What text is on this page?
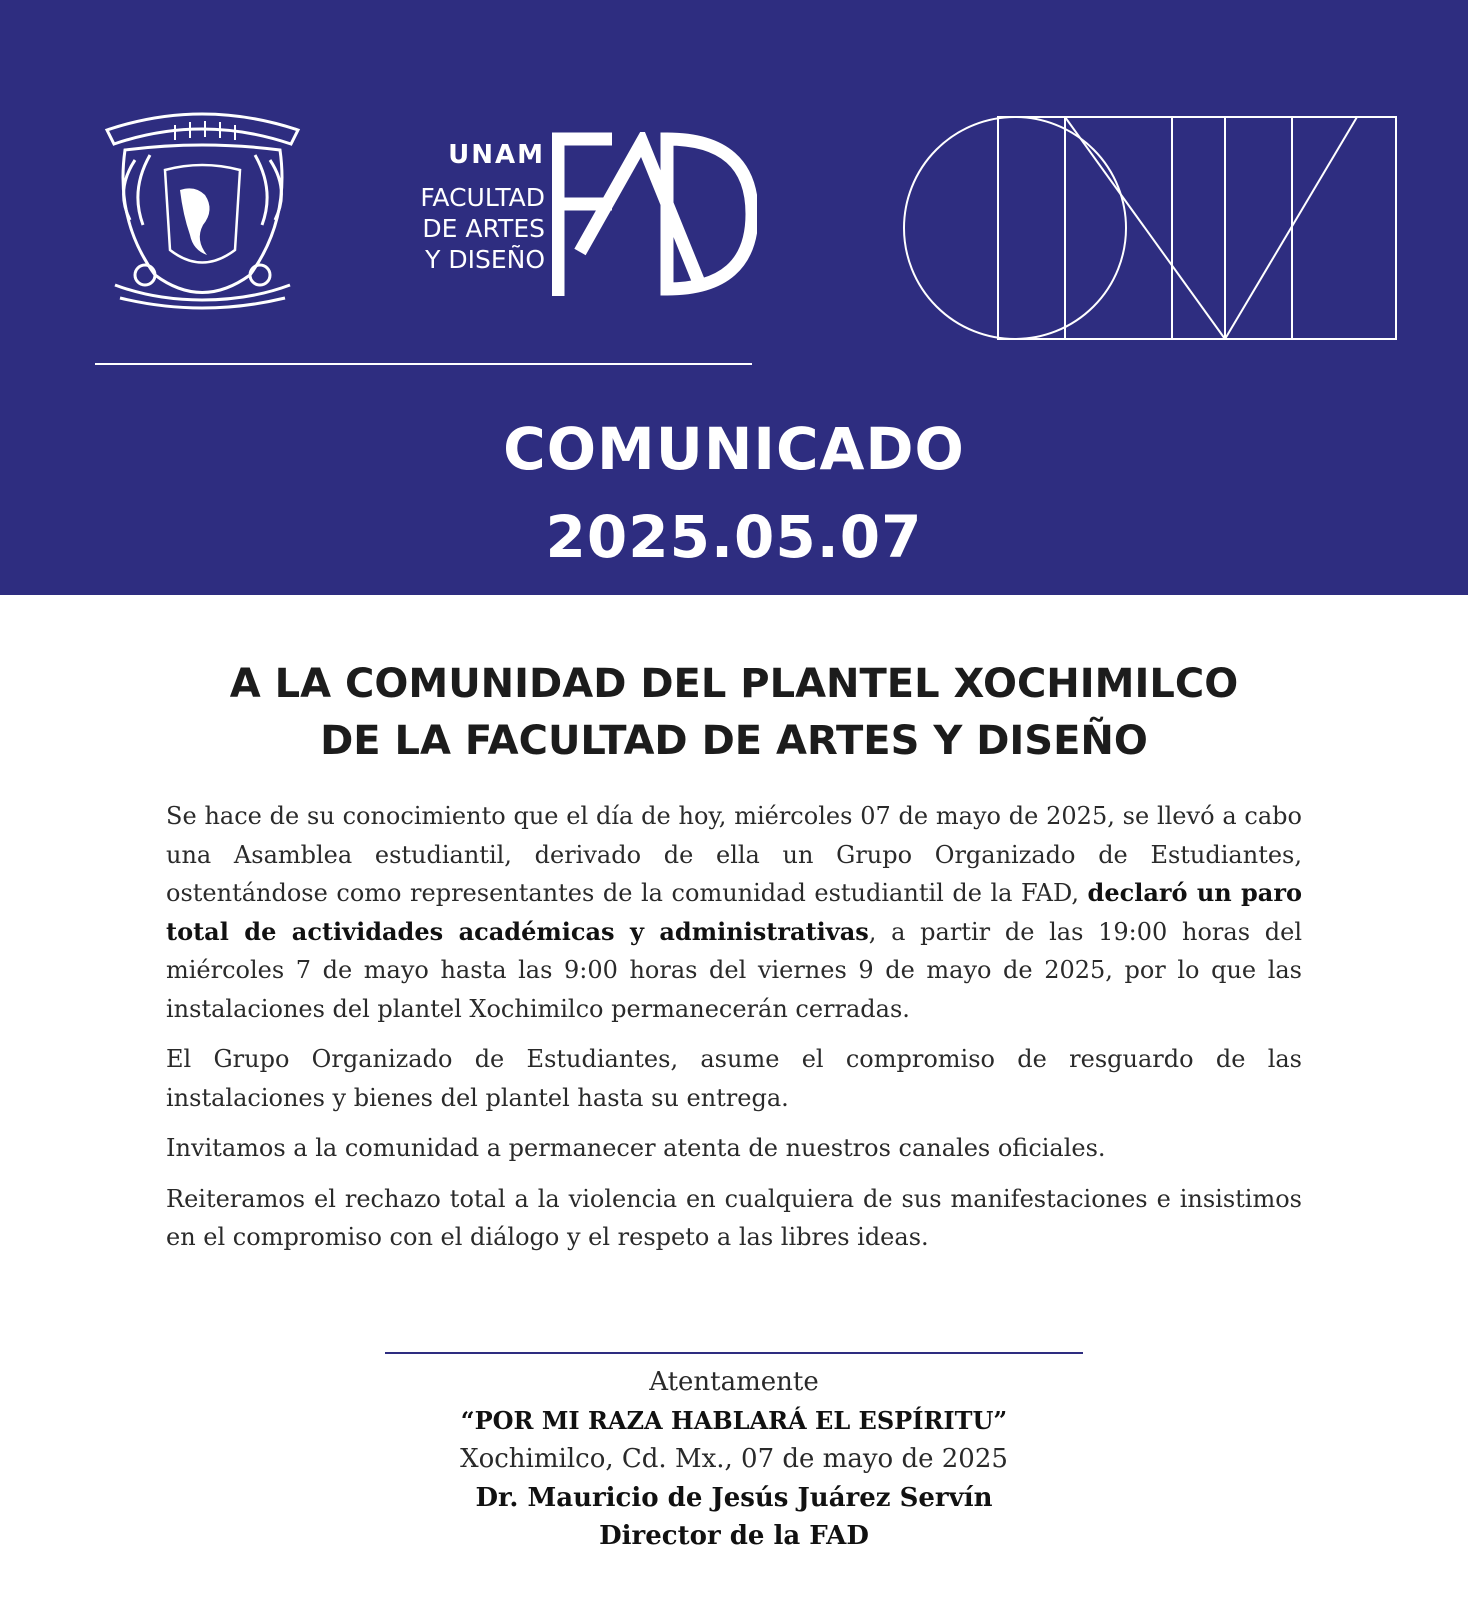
UNAM
FACULTAD
DE ARTES
Y DISEÑO
COMUNICADO
2025.05.07
A LA COMUNIDAD DEL PLANTEL XOCHIMILCO
DE LA FACULTAD DE ARTES Y DISEÑO

Se hace de su conocimiento que el día de hoy, miércoles 07 de mayo de 2025, se llevó a cabo una Asamblea estudiantil, derivado de ella un Grupo Organizado de Estudiantes, ostentándose como representantes de la comunidad estudiantil de la FAD, declaró un paro total de actividades académicas y administrativas, a partir de las 19:00 horas del miércoles 7 de mayo hasta las 9:00 horas del viernes 9 de mayo de 2025, por lo que las instalaciones del plantel Xochimilco permanecerán cerradas.

El Grupo Organizado de Estudiantes, asume el compromiso de resguardo de las instalaciones y bienes del plantel hasta su entrega.

Invitamos a la comunidad a permanecer atenta de nuestros canales oficiales.

Reiteramos el rechazo total a la violencia en cualquiera de sus manifestaciones e insistimos en el compromiso con el diálogo y el respeto a las libres ideas.

Atentamente
“POR MI RAZA HABLARÁ EL ESPÍRITU”
Xochimilco, Cd. Mx., 07 de mayo de 2025
Dr. Mauricio de Jesús Juárez Servín
Director de la FAD
